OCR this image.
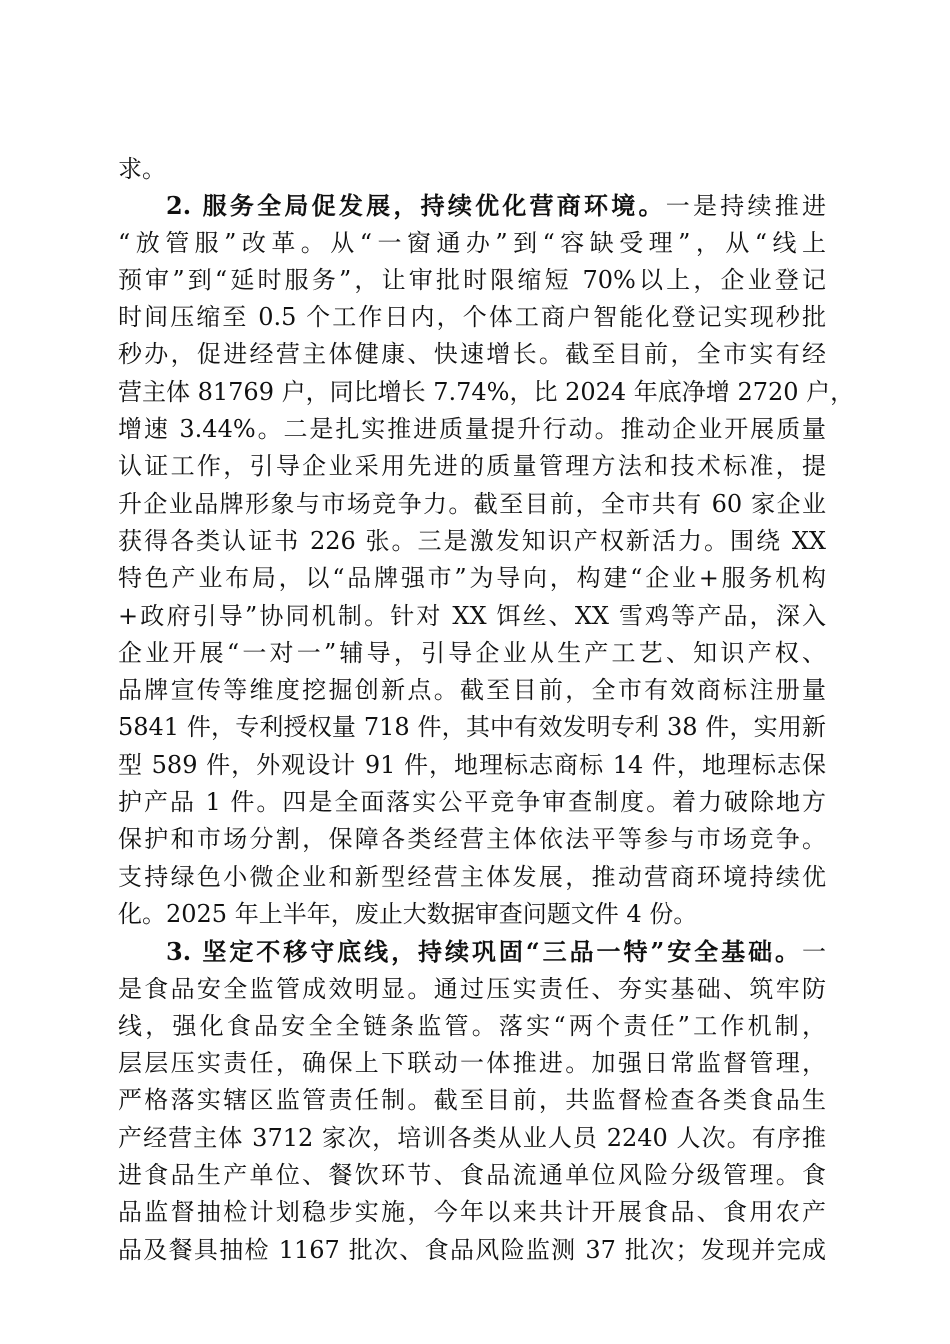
求。
2. 服务全局促发展，持续优化营商环境。一是持续推进
“放管服”改革。从“一窗通办”到“容缺受理”，从“线上
预审”到“延时服务”，让审批时限缩短 70%以上，企业登记
时间压缩至 0.5 个工作日内，个体工商户智能化登记实现秒批
秒办，促进经营主体健康、快速增长。截至目前，全市实有经
营主体 81769 户，同比增长 7.74%，比 2024 年底净增 2720 户，
增速 3.44%。二是扎实推进质量提升行动。推动企业开展质量
认证工作，引导企业采用先进的质量管理方法和技术标准，提
升企业品牌形象与市场竞争力。截至目前，全市共有 60 家企业
获得各类认证书 226 张。三是激发知识产权新活力。围绕 XX
特色产业布局，以“品牌强市”为导向，构建“企业+服务机构
+政府引导”协同机制。针对 XX 饵丝、XX 雪鸡等产品，深入
企业开展“一对一”辅导，引导企业从生产工艺、知识产权、
品牌宣传等维度挖掘创新点。截至目前，全市有效商标注册量
5841 件，专利授权量 718 件，其中有效发明专利 38 件，实用新
型 589 件，外观设计 91 件，地理标志商标 14 件，地理标志保
护产品 1 件。四是全面落实公平竞争审查制度。着力破除地方
保护和市场分割，保障各类经营主体依法平等参与市场竞争。
支持绿色小微企业和新型经营主体发展，推动营商环境持续优
化。2025 年上半年，废止大数据审查问题文件 4 份。
3. 坚定不移守底线，持续巩固“三品一特”安全基础。一
是食品安全监管成效明显。通过压实责任、夯实基础、筑牢防
线，强化食品安全全链条监管。落实“两个责任”工作机制，
层层压实责任，确保上下联动一体推进。加强日常监督管理，
严格落实辖区监管责任制。截至目前，共监督检查各类食品生
产经营主体 3712 家次，培训各类从业人员 2240 人次。有序推
进食品生产单位、餐饮环节、食品流通单位风险分级管理。食
品监督抽检计划稳步实施，今年以来共计开展食品、食用农产
品及餐具抽检 1167 批次、食品风险监测 37 批次；发现并完成
